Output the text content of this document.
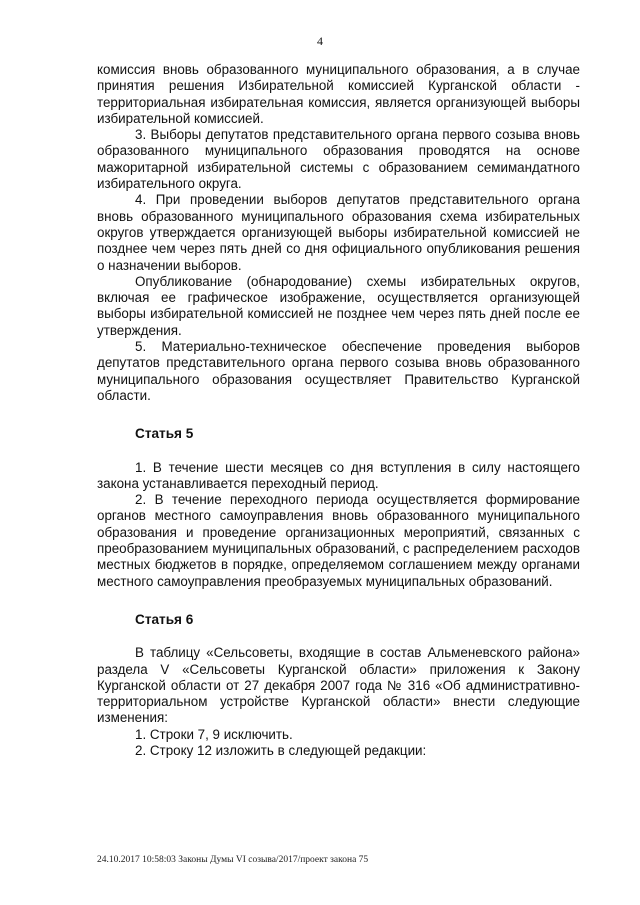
4

комиссия вновь образованного муниципального образования, а в случае принятия решения Избирательной комиссией Курганской области - территориальная избирательная комиссия, является организующей выборы избирательной комиссией.

3. Выборы депутатов представительного органа первого созыва вновь образованного муниципального образования проводятся на основе мажоритарной избирательной системы с образованием семимандатного избирательного округа.

4. При проведении выборов депутатов представительного органа вновь образованного муниципального образования схема избирательных округов утверждается организующей выборы избирательной комиссией не позднее чем через пять дней со дня официального опубликования решения о назначении выборов.

Опубликование (обнародование) схемы избирательных округов, включая ее графическое изображение, осуществляется организующей выборы избирательной комиссией не позднее чем через пять дней после ее утверждения.

5. Материально-техническое обеспечение проведения выборов депутатов представительного органа первого созыва вновь образованного муниципального образования осуществляет Правительство Курганской области.

Статья 5

1. В течение шести месяцев со дня вступления в силу настоящего закона устанавливается переходный период.

2. В течение переходного периода осуществляется формирование органов местного самоуправления вновь образованного муниципального образования и проведение организационных мероприятий, связанных с преобразованием муниципальных образований, с распределением расходов местных бюджетов в порядке, определяемом соглашением между органами местного самоуправления преобразуемых муниципальных образований.

Статья 6

В таблицу «Сельсоветы, входящие в состав Альменевского района» раздела V «Сельсоветы Курганской области» приложения к Закону Курганской области от 27 декабря 2007 года № 316 «Об административно-территориальном устройстве Курганской области» внести следующие изменения:

1. Строки 7, 9 исключить.

2. Строку 12 изложить в следующей редакции:

24.10.2017 10:58:03 Законы Думы VI созыва/2017/проект закона 75
